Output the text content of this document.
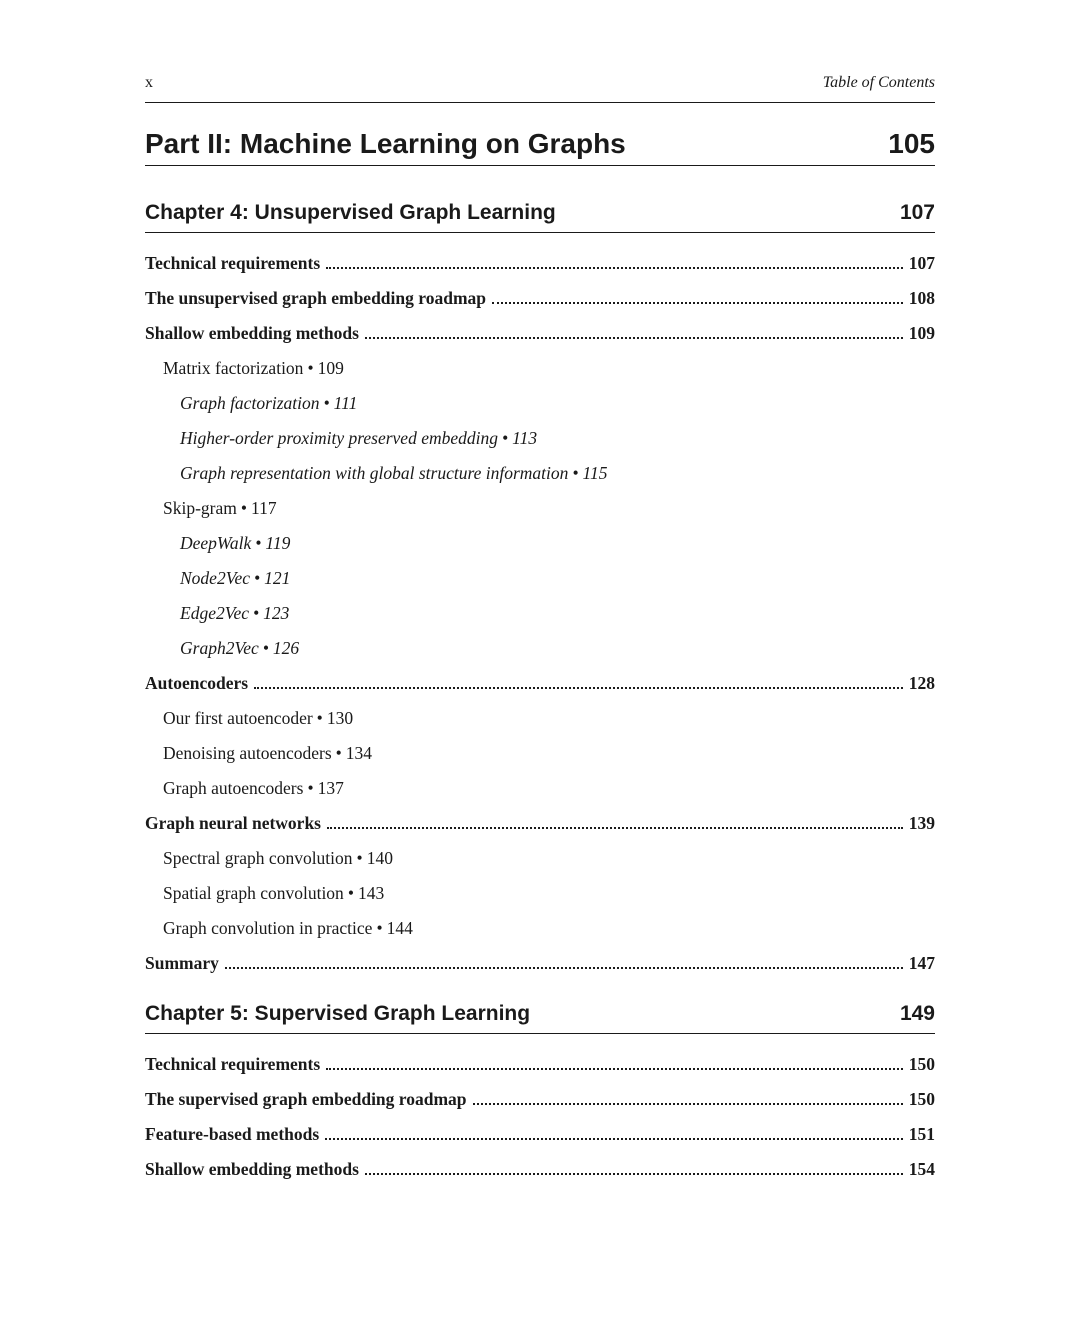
x	Table of Contents
Part II: Machine Learning on Graphs	105
Chapter 4: Unsupervised Graph Learning	107
Technical requirements	107
The unsupervised graph embedding roadmap	108
Shallow embedding methods	109
Matrix factorization • 109
Graph factorization • 111
Higher-order proximity preserved embedding • 113
Graph representation with global structure information • 115
Skip-gram • 117
DeepWalk • 119
Node2Vec • 121
Edge2Vec • 123
Graph2Vec • 126
Autoencoders	128
Our first autoencoder • 130
Denoising autoencoders • 134
Graph autoencoders • 137
Graph neural networks	139
Spectral graph convolution • 140
Spatial graph convolution • 143
Graph convolution in practice • 144
Summary	147
Chapter 5: Supervised Graph Learning	149
Technical requirements	150
The supervised graph embedding roadmap	150
Feature-based methods	151
Shallow embedding methods	154
